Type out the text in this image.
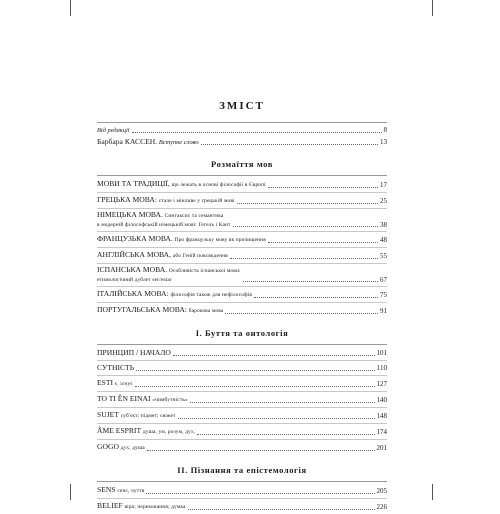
ЗМІСТ

Від редакції	8
Барбара КАССЕН. Вступне слово	13

Розмаїття мов

МОВИ ТА ТРАДИЦІЇ, що лежать в основі філософії в Європі	17
ГРЕЦЬКА МОВА: стале і мінливе у грецькій мові	25
НІМЕЦЬКА МОВА. Синтаксис та семантика
в модерній філософській німецькій мові: Гегель і Кант	38
ФРАНЦУЗЬКА МОВА. Про французьку мову як прочищення	48
АНГЛІЙСЬКА МОВА, або Геній повсякдення	55
ІСПАНСЬКА МОВА. Особливість іспанської мови:
етимологічний дублет ser/estar	67
ІТАЛІЙСЬКА МОВА: філософія також для нефілософів	75
ПОРТУГАЛЬСЬКА МОВА: барокова мова	91

I. Буття та онтологія

ПРИНЦИП / НАЧАЛО	101
СУТНІСТЬ	110
ESTI є, існує	127
TO TI ÊN EINAI «чимбутність»	140
SUJET суб'єкт; підмет; сюжет	148
ÂME ESPRIT душа; ум, розум, дух,	174
GOGO дух, душа	201

II. Пізнання та епістемологія

SENS сенс, чуття	205
BELIEF віра; переконання; думка	226
